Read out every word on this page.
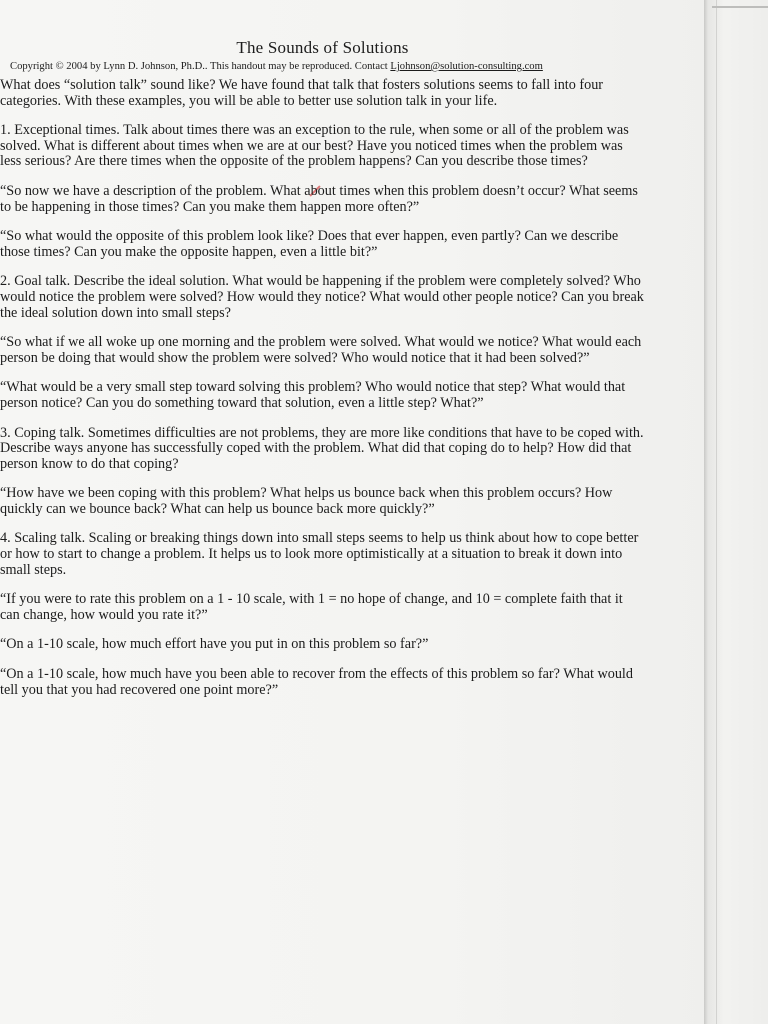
The Sounds of Solutions
Copyright © 2004 by Lynn D. Johnson, Ph.D.. This handout may be reproduced. Contact Ljohnson@solution-consulting.com

What does “solution talk” sound like? We have found that talk that fosters solutions seems to fall into four categories. With these examples, you will be able to better use solution talk in your life.

1. Exceptional times. Talk about times there was an exception to the rule, when some or all of the problem was solved. What is different about times when we are at our best? Have you noticed times when the problem was less serious? Are there times when the opposite of the problem happens? Can you describe those times?

“So now we have a description of the problem. What about times when this problem doesn’t occur? What seems to be happening in those times? Can you make them happen more often?”

“So what would the opposite of this problem look like? Does that ever happen, even partly? Can we describe those times? Can you make the opposite happen, even a little bit?”

2. Goal talk. Describe the ideal solution. What would be happening if the problem were completely solved? Who would notice the problem were solved? How would they notice? What would other people notice? Can you break the ideal solution down into small steps?

“So what if we all woke up one morning and the problem were solved. What would we notice? What would each person be doing that would show the problem were solved? Who would notice that it had been solved?”

“What would be a very small step toward solving this problem? Who would notice that step? What would that person notice? Can you do something toward that solution, even a little step? What?”

3. Coping talk. Sometimes difficulties are not problems, they are more like conditions that have to be coped with. Describe ways anyone has successfully coped with the problem. What did that coping do to help? How did that person know to do that coping?

“How have we been coping with this problem? What helps us bounce back when this problem occurs? How quickly can we bounce back? What can help us bounce back more quickly?”

4. Scaling talk. Scaling or breaking things down into small steps seems to help us think about how to cope better or how to start to change a problem. It helps us to look more optimistically at a situation to break it down into small steps.

“If you were to rate this problem on a 1 - 10 scale, with 1 = no hope of change, and 10 = complete faith that it can change, how would you rate it?”

“On a 1-10 scale, how much effort have you put in on this problem so far?”

“On a 1-10 scale, how much have you been able to recover from the effects of this problem so far? What would tell you that you had recovered one point more?”
